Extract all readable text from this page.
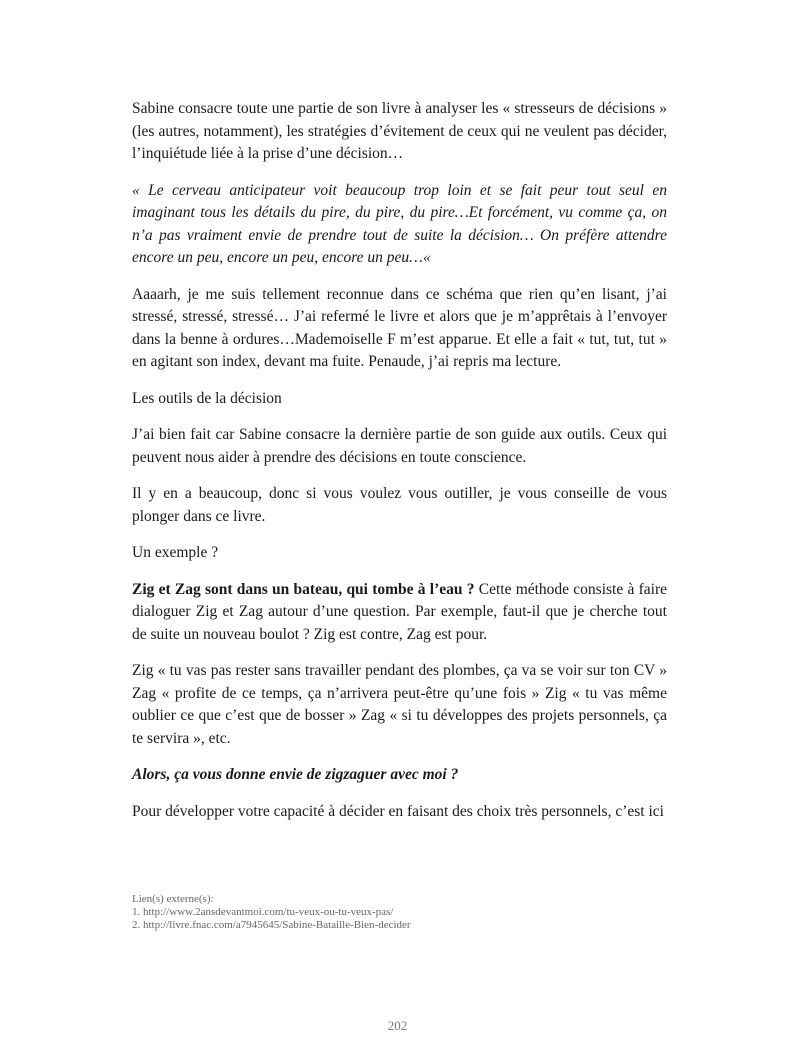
Sabine consacre toute une partie de son livre à analyser les « stresseurs de décisions » (les autres, notamment), les stratégies d’évitement de ceux qui ne veulent pas décider, l’inquiétude liée à la prise d’une décision…

« Le cerveau anticipateur voit beaucoup trop loin et se fait peur tout seul en imaginant tous les détails du pire, du pire, du pire…Et forcément, vu comme ça, on n’a pas vraiment envie de prendre tout de suite la décision… On préfère attendre encore un peu, encore un peu, encore un peu…«

Aaaarh, je me suis tellement reconnue dans ce schéma que rien qu’en lisant, j’ai stressé, stressé, stressé… J’ai refermé le livre et alors que je m’apprêtais à l’envoyer dans la benne à ordures…Mademoiselle F m’est apparue. Et elle a fait « tut, tut, tut » en agitant son index, devant ma fuite. Penaude, j’ai repris ma lecture.

Les outils de la décision

J’ai bien fait car Sabine consacre la dernière partie de son guide aux outils. Ceux qui peuvent nous aider à prendre des décisions en toute conscience.

Il y en a beaucoup, donc si vous voulez vous outiller, je vous conseille de vous plonger dans ce livre.

Un exemple ?

Zig et Zag sont dans un bateau, qui tombe à l’eau ? Cette méthode consiste à faire dialoguer Zig et Zag autour d’une question. Par exemple, faut-il que je cherche tout de suite un nouveau boulot ? Zig est contre, Zag est pour.

Zig « tu vas pas rester sans travailler pendant des plombes, ça va se voir sur ton CV » Zag « profite de ce temps, ça n’arrivera peut-être qu’une fois » Zig « tu vas même oublier ce que c’est que de bosser » Zag « si tu développes des projets personnels, ça te servira », etc.

Alors, ça vous donne envie de zigzaguer avec moi ?

Pour développer votre capacité à décider en faisant des choix très personnels, c’est ici

Lien(s) externe(s):
1. http://www.2ansdevantmoi.com/tu-veux-ou-tu-veux-pas/
2. http://livre.fnac.com/a7945645/Sabine-Bataille-Bien-decider
202
